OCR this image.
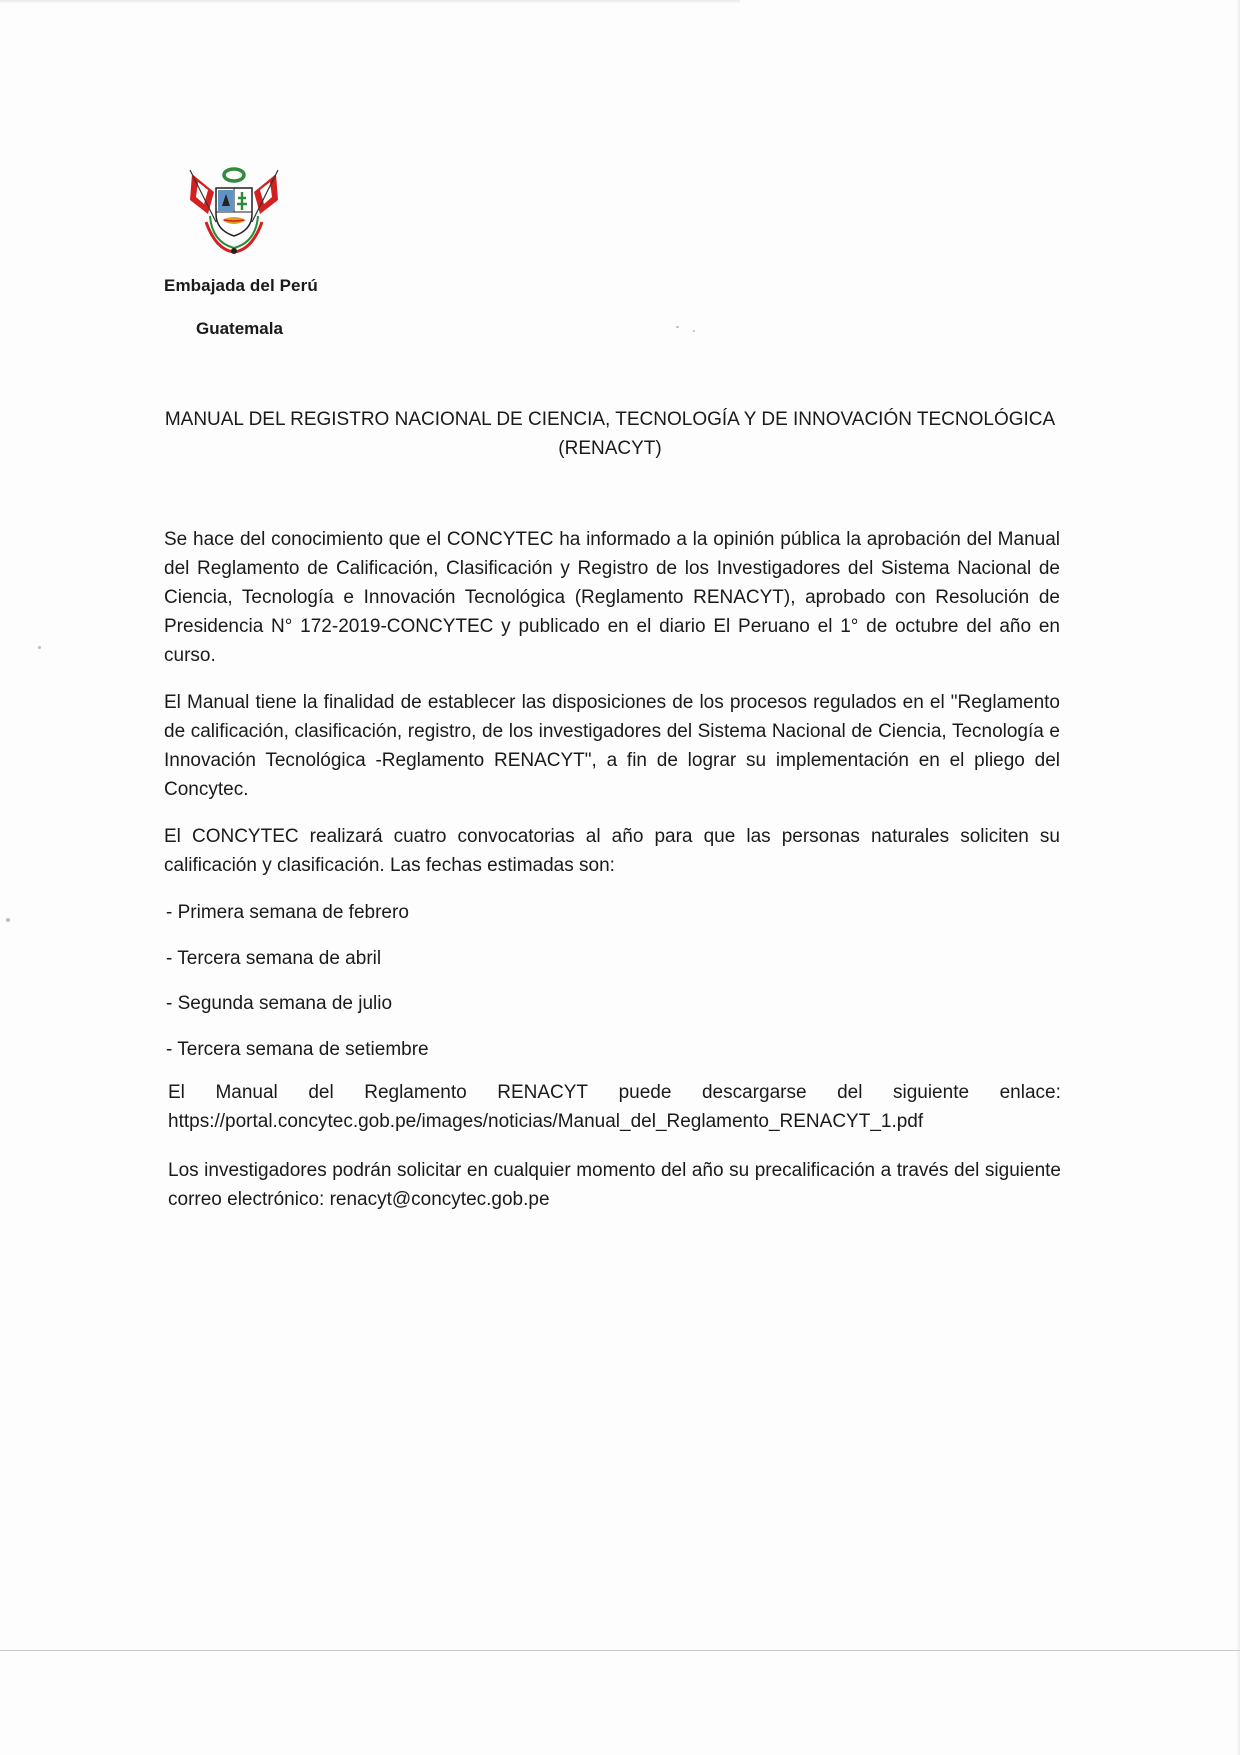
Embajada del Perú
Guatemala
MANUAL DEL REGISTRO NACIONAL DE CIENCIA, TECNOLOGÍA Y DE INNOVACIÓN TECNOLÓGICA
(RENACYT)
Se hace del conocimiento que el CONCYTEC ha informado a la opinión pública la aprobación del Manual del Reglamento de Calificación, Clasificación y Registro de los Investigadores del Sistema Nacional de Ciencia, Tecnología e Innovación Tecnológica (Reglamento RENACYT), aprobado con Resolución de Presidencia N° 172-2019-CONCYTEC y publicado en el diario El Peruano el 1° de octubre del año en curso.
El Manual tiene la finalidad de establecer las disposiciones de los procesos regulados en el "Reglamento de calificación, clasificación, registro, de los investigadores del Sistema Nacional de Ciencia, Tecnología e Innovación Tecnológica -Reglamento RENACYT", a fin de lograr su implementación en el pliego del Concytec.
El CONCYTEC realizará cuatro convocatorias al año para que las personas naturales soliciten su calificación y clasificación. Las fechas estimadas son:
- Primera semana de febrero
- Tercera semana de abril
- Segunda semana de julio
- Tercera semana de setiembre
El Manual del Reglamento RENACYT puede descargarse del siguiente enlace:
https://portal.concytec.gob.pe/images/noticias/Manual_del_Reglamento_RENACYT_1.pdf
Los investigadores podrán solicitar en cualquier momento del año su precalificación a través del siguiente correo electrónico: renacyt@concytec.gob.pe
